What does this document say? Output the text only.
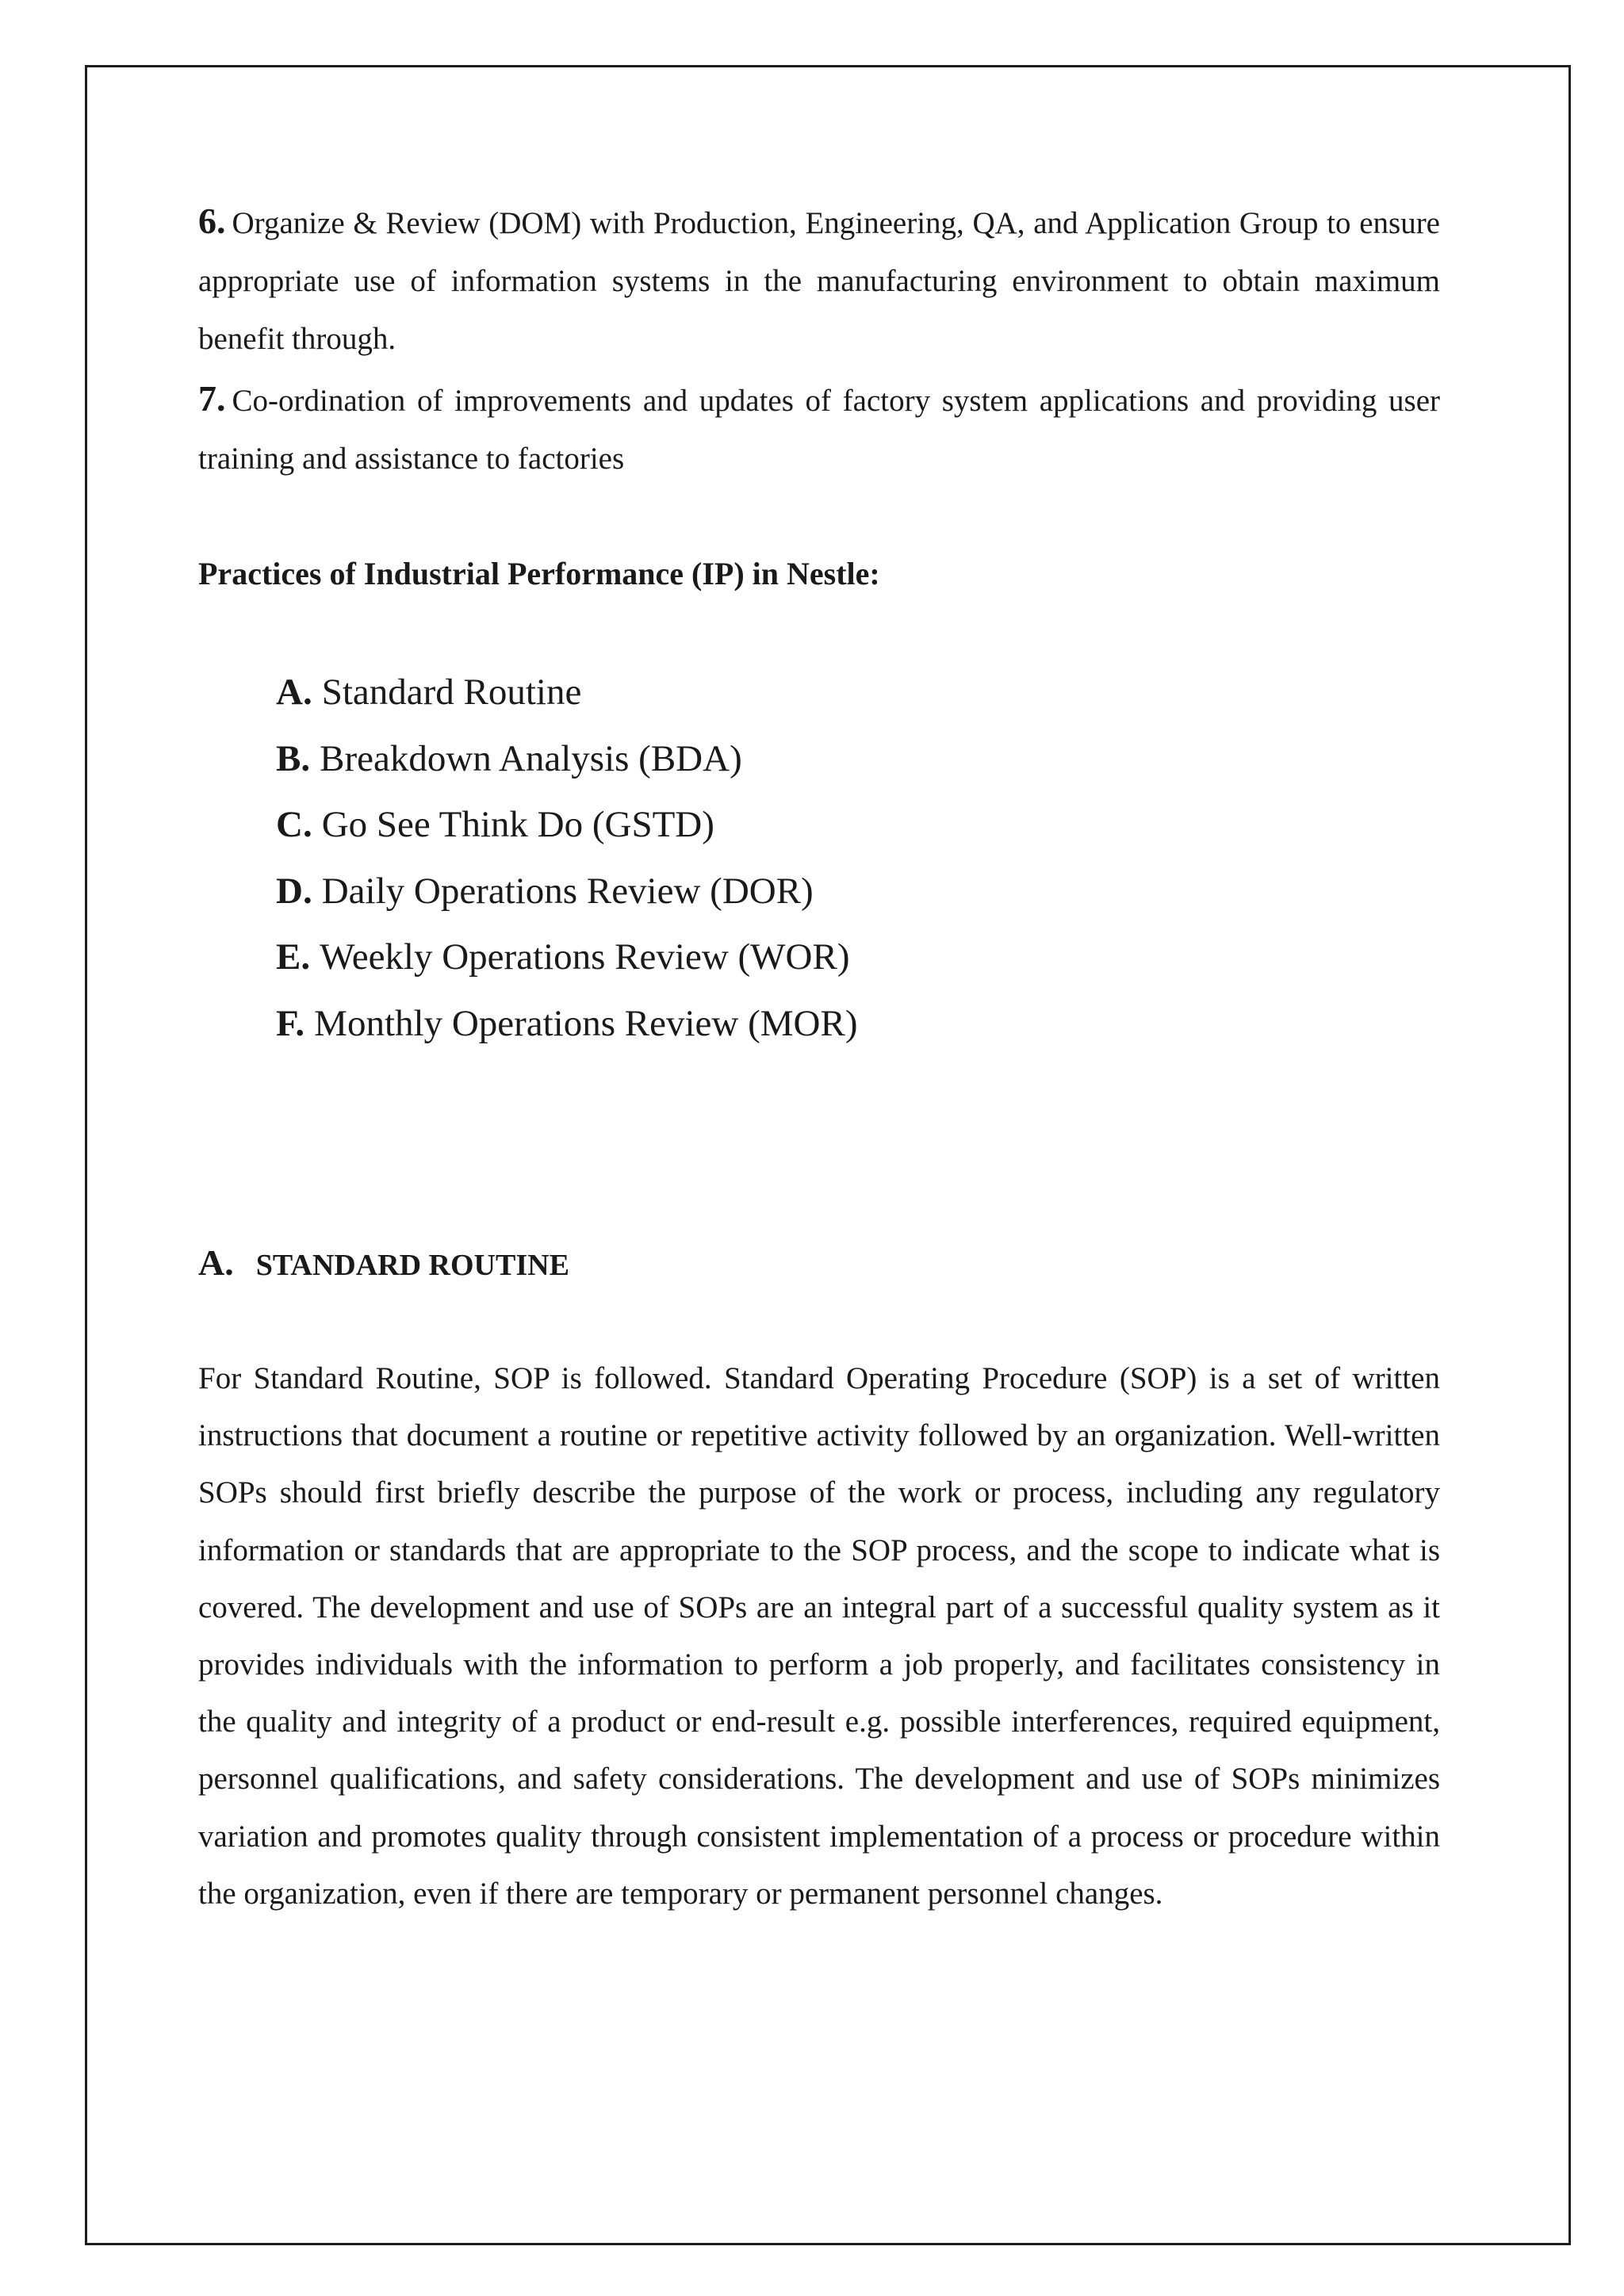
6. Organize & Review (DOM) with Production, Engineering, QA, and Application Group to ensure appropriate use of information systems in the manufacturing environment to obtain maximum benefit through.

7. Co-ordination of improvements and updates of factory system applications and providing user training and assistance to factories

Practices of Industrial Performance (IP) in Nestle:

A. Standard Routine
B. Breakdown Analysis (BDA)
C. Go See Think Do (GSTD)
D. Daily Operations Review (DOR)
E. Weekly Operations Review (WOR)
F. Monthly Operations Review (MOR)
A. STANDARD ROUTINE

For Standard Routine, SOP is followed. Standard Operating Procedure (SOP) is a set of written instructions that document a routine or repetitive activity followed by an organization. Well-written SOPs should first briefly describe the purpose of the work or process, including any regulatory information or standards that are appropriate to the SOP process, and the scope to indicate what is covered. The development and use of SOPs are an integral part of a successful quality system as it provides individuals with the information to perform a job properly, and facilitates consistency in the quality and integrity of a product or end-result e.g. possible interferences, required equipment, personnel qualifications, and safety considerations. The development and use of SOPs minimizes variation and promotes quality through consistent implementation of a process or procedure within the organization, even if there are temporary or permanent personnel changes.
